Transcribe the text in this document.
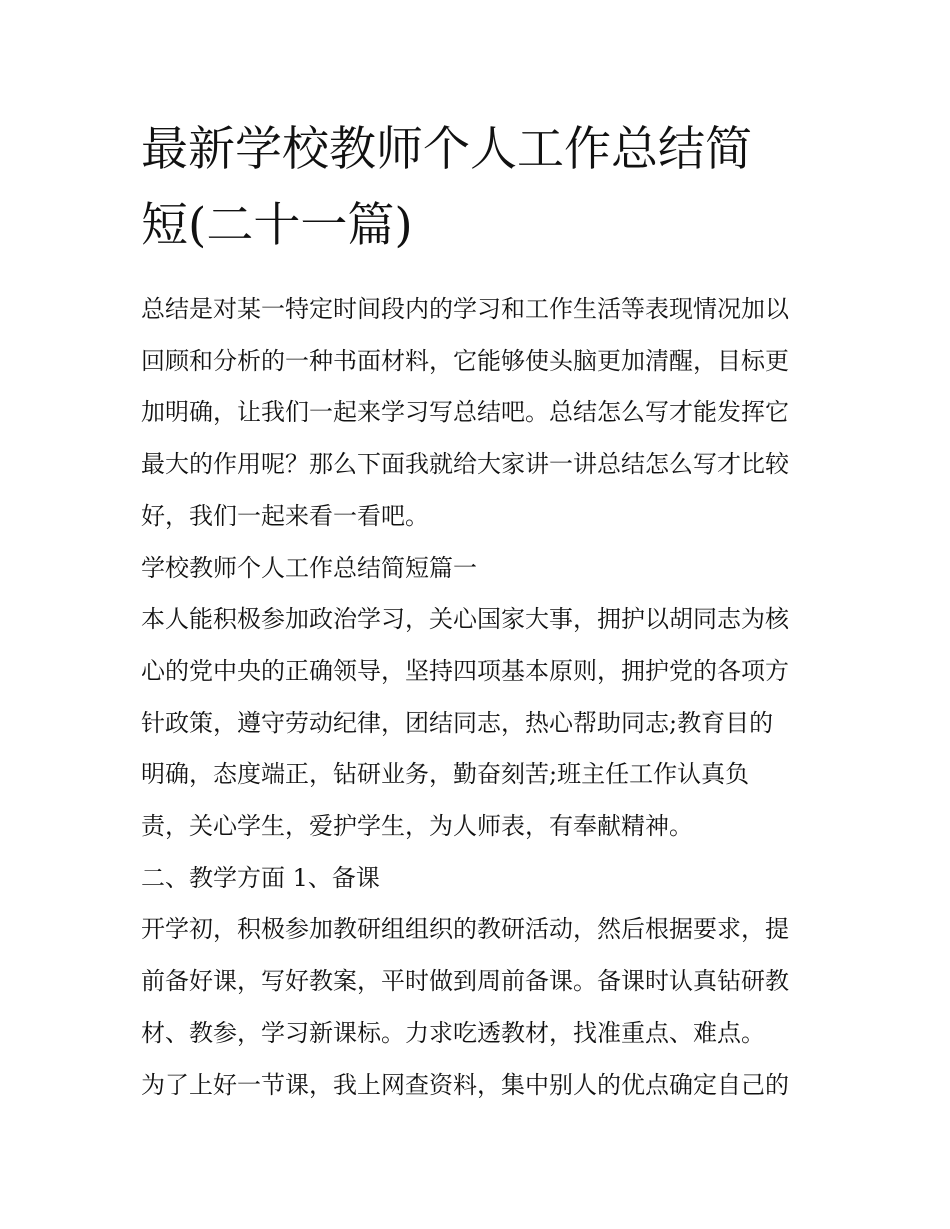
最新学校教师个人工作总结简
短(二十一篇)

总结是对某一特定时间段内的学习和工作生活等表现情况加以
回顾和分析的一种书面材料，它能够使头脑更加清醒，目标更
加明确，让我们一起来学习写总结吧。总结怎么写才能发挥它
最大的作用呢？那么下面我就给大家讲一讲总结怎么写才比较
好，我们一起来看一看吧。

学校教师个人工作总结简短篇一

本人能积极参加政治学习，关心国家大事，拥护以胡同志为核
心的党中央的正确领导，坚持四项基本原则，拥护党的各项方
针政策，遵守劳动纪律，团结同志，热心帮助同志;教育目的
明确，态度端正，钻研业务，勤奋刻苦;班主任工作认真负
责，关心学生，爱护学生，为人师表，有奉献精神。

二、教学方面 1、备课

开学初，积极参加教研组组织的教研活动，然后根据要求，提
前备好课，写好教案，平时做到周前备课。备课时认真钻研教
材、教参，学习新课标。力求吃透教材，找准重点、难点。
为了上好一节课，我上网查资料，集中别人的优点确定自己的
